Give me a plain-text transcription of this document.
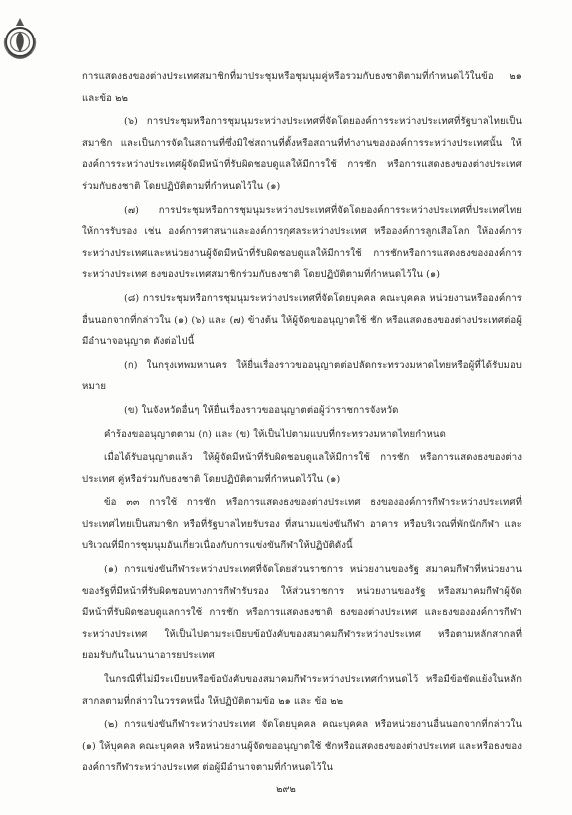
การแสดงธงของต่างประเทศสมาชิกที่มาประชุมหรือชุมนุมคู่หรือรวมกับธงชาติตามที่กำหนดไว้ในข้อ ๒๑ และข้อ ๒๒

(๖) การประชุมหรือการชุมนุมระหว่างประเทศที่จัดโดยองค์การระหว่างประเทศที่รัฐบาลไทยเป็นสมาชิก และเป็นการจัดในสถานที่ซึ่งมิใช่สถานที่ตั้งหรือสถานที่ทำงานขององค์การระหว่างประเทศนั้น ให้องค์การระหว่างประเทศผู้จัดมีหน้าที่รับผิดชอบดูแลให้มีการใช้ การชัก หรือการแสดงธงของต่างประเทศร่วมกับธงชาติ โดยปฏิบัติตามที่กำหนดไว้ใน (๑)

(๗) การประชุมหรือการชุมนุมระหว่างประเทศที่จัดโดยองค์การระหว่างประเทศที่ประเทศไทยให้การรับรอง เช่น องค์การศาสนาและองค์การกุศลระหว่างประเทศ หรือองค์การลูกเสือโลก ให้องค์การระหว่างประเทศและหน่วยงานผู้จัดมีหน้าที่รับผิดชอบดูแลให้มีการใช้ การชักหรือการแสดงธงขององค์การระหว่างประเทศ ธงของประเทศสมาชิกร่วมกับธงชาติ โดยปฏิบัติตามที่กำหนดไว้ใน (๑)

(๘) การประชุมหรือการชุมนุมระหว่างประเทศที่จัดโดยบุคคล คณะบุคคล หน่วยงานหรือองค์การอื่นนอกจากที่กล่าวใน (๑) (๖) และ (๗) ข้างต้น ให้ผู้จัดขออนุญาตใช้ ชัก หรือแสดงธงของต่างประเทศต่อผู้มีอำนาจอนุญาต ดังต่อไปนี้

(ก) ในกรุงเทพมหานคร ให้ยื่นเรื่องราวขออนุญาตต่อปลัดกระทรวงมหาดไทยหรือผู้ที่ได้รับมอบหมาย

(ข) ในจังหวัดอื่นๆ ให้ยื่นเรื่องราวขออนุญาตต่อผู้ว่าราชการจังหวัด

คำร้องขออนุญาตตาม (ก) และ (ข) ให้เป็นไปตามแบบที่กระทรวงมหาดไทยกำหนด

เมื่อได้รับอนุญาตแล้ว ให้ผู้จัดมีหน้าที่รับผิดชอบดูแลให้มีการใช้ การชัก หรือการแสดงธงของต่างประเทศ คู่หรือร่วมกับธงชาติ โดยปฏิบัติตามที่กำหนดไว้ใน (๑)

ข้อ ๓๓ การใช้ การชัก หรือการแสดงธงของต่างประเทศ ธงขององค์การกีฬาระหว่างประเทศที่ประเทศไทยเป็นสมาชิก หรือที่รัฐบาลไทยรับรอง ที่สนามแข่งขันกีฬา อาคาร หรือบริเวณที่พักนักกีฬา และบริเวณที่มีการชุมนุมอันเกี่ยวเนื่องกับการแข่งขันกีฬาให้ปฏิบัติดังนี้

(๑) การแข่งขันกีฬาระหว่างประเทศที่จัดโดยส่วนราชการ หน่วยงานของรัฐ สมาคมกีฬาที่หน่วยงานของรัฐที่มีหน้าที่รับผิดชอบทางการกีฬารับรอง ให้ส่วนราชการ หน่วยงานของรัฐ หรือสมาคมกีฬาผู้จัด มีหน้าที่รับผิดชอบดูแลการใช้ การชัก หรือการแสดงธงชาติ ธงของต่างประเทศ และธงขององค์การกีฬาระหว่างประเทศ ให้เป็นไปตามระเบียบข้อบังคับของสมาคมกีฬาระหว่างประเทศ หรือตามหลักสากลที่ยอมรับกันในนานาอารยประเทศ

ในกรณีที่ไม่มีระเบียบหรือข้อบังคับของสมาคมกีฬาระหว่างประเทศกำหนดไว้ หรือมีข้อขัดแย้งในหลักสากลตามที่กล่าวในวรรคหนึ่ง ให้ปฏิบัติตามข้อ ๒๑ และ ข้อ ๒๒

(๒) การแข่งขันกีฬาระหว่างประเทศ จัดโดยบุคคล คณะบุคคล หรือหน่วยงานอื่นนอกจากที่กล่าวใน (๑) ให้บุคคล คณะบุคคล หรือหน่วยงานผู้จัดขออนุญาตใช้ ชักหรือแสดงธงของต่างประเทศ และหรือธงขององค์การกีฬาระหว่างประเทศ ต่อผู้มีอำนาจตามที่กำหนดไว้ใน

๒๙๒
